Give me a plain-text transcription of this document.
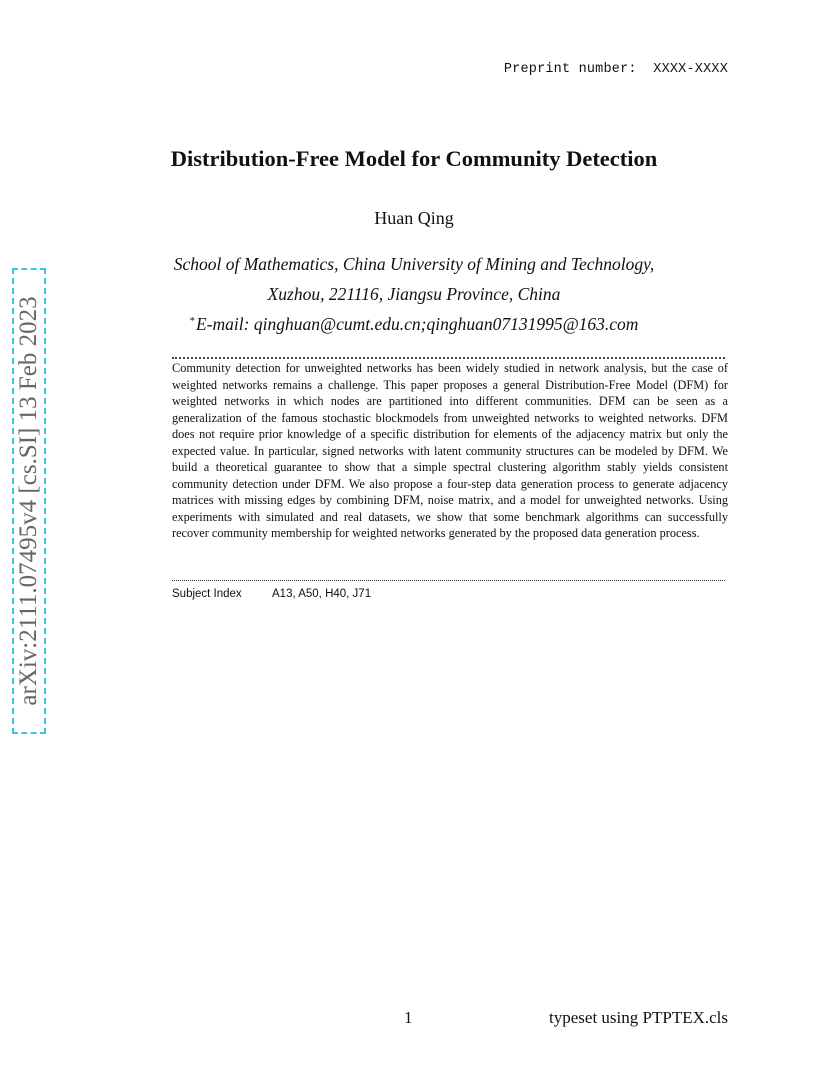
Preprint number:  XXXX-XXXX
Distribution-Free Model for Community Detection
Huan Qing
School of Mathematics, China University of Mining and Technology,
Xuzhou, 221116, Jiangsu Province, China
*E-mail: qinghuan@cumt.edu.cn;qinghuan07131995@163.com
Community detection for unweighted networks has been widely studied in network analysis, but the case of weighted networks remains a challenge. This paper proposes a general Distribution-Free Model (DFM) for weighted networks in which nodes are partitioned into different communities. DFM can be seen as a generalization of the famous stochastic blockmodels from unweighted networks to weighted networks. DFM does not require prior knowledge of a specific distribution for elements of the adjacency matrix but only the expected value. In particular, signed networks with latent community structures can be modeled by DFM. We build a theoretical guarantee to show that a simple spectral clustering algorithm stably yields consistent community detection under DFM. We also propose a four-step data generation process to generate adjacency matrices with missing edges by combining DFM, noise matrix, and a model for unweighted networks. Using experiments with simulated and real datasets, we show that some benchmark algorithms can successfully recover community membership for weighted networks generated by the proposed data generation process.
Subject Index	A13, A50, H40, J71
arXiv:2111.07495v4 [cs.SI] 13 Feb 2023
1	typeset using PTPTEX.cls
